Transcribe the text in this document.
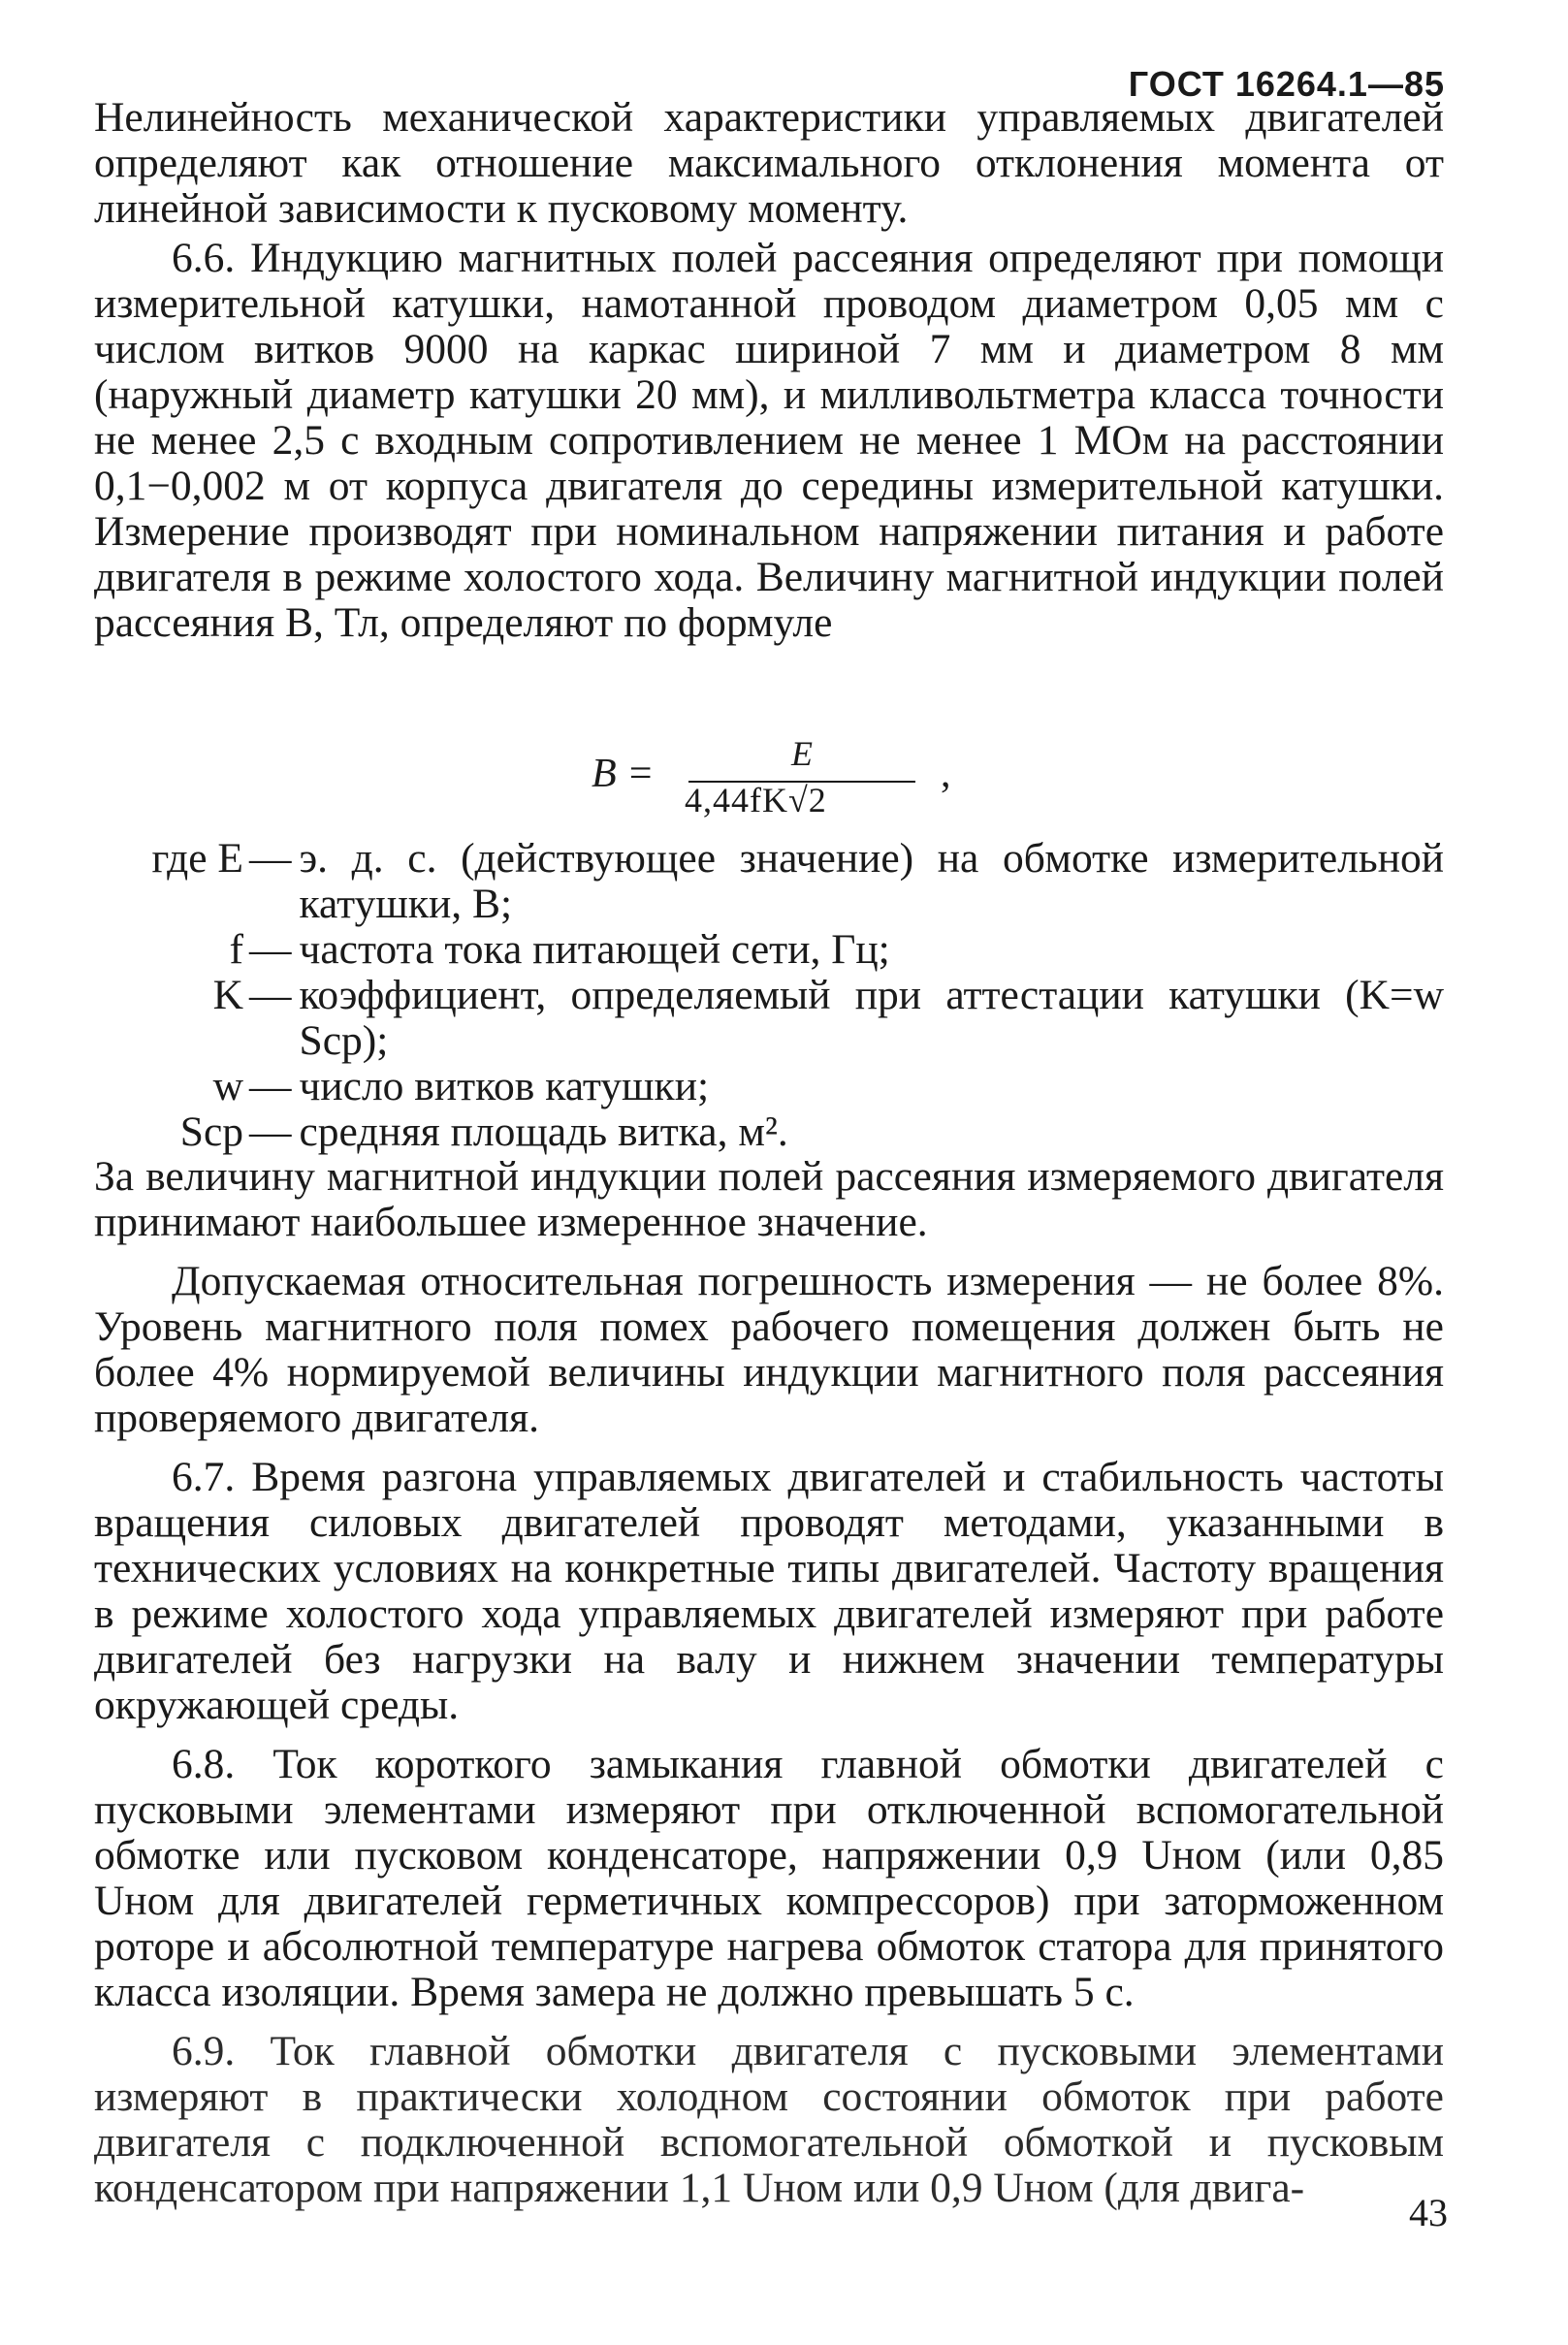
ГОСТ 16264.1—85

Нелинейность механической характеристики управляемых двигателей определяют как отношение максимального отклонения момента от линейной зависимости к пусковому моменту.

6.6. Индукцию магнитных полей рассеяния определяют при помощи измерительной катушки, намотанной проводом диаметром 0,05 мм с числом витков 9000 на каркас шириной 7 мм и диаметром 8 мм (наружный диаметр катушки 20 мм), и милливольтметра класса точности не менее 2,5 с входным сопротивлением не менее 1 МОм на расстоянии 0,1−0,002 м от корпуса двигателя до середины измерительной катушки. Измерение производят при номинальном напряжении питания и работе двигателя в режиме холостого хода. Величину магнитной индукции полей рассеяния B, Тл, определяют по формуле

B =	E
4,44fK√2
,
где E — э. д. с. (действующее значение) на обмотке измерительной катушки, В;
f — частота тока питающей сети, Гц;
K — коэффициент, определяемый при аттестации катушки (K=w Sср);
w — число витков катушки;
Sср — средняя площадь витка, м².

За величину магнитной индукции полей рассеяния измеряемого двигателя принимают наибольшее измеренное значение.

Допускаемая относительная погрешность измерения — не более 8%. Уровень магнитного поля помех рабочего помещения должен быть не более 4% нормируемой величины индукции магнитного поля рассеяния проверяемого двигателя.

6.7. Время разгона управляемых двигателей и стабильность частоты вращения силовых двигателей проводят методами, указанными в технических условиях на конкретные типы двигателей. Частоту вращения в режиме холостого хода управляемых двигателей измеряют при работе двигателей без нагрузки на валу и нижнем значении температуры окружающей среды.

6.8. Ток короткого замыкания главной обмотки двигателей с пусковыми элементами измеряют при отключенной вспомогательной обмотке или пусковом конденсаторе, напряжении 0,9 Uном (или 0,85 Uном для двигателей герметичных компрессоров) при заторможенном роторе и абсолютной температуре нагрева обмоток статора для принятого класса изоляции. Время замера не должно превышать 5 с.

6.9. Ток главной обмотки двигателя с пусковыми элементами измеряют в практически холодном состоянии обмоток при работе двигателя с подключенной вспомогательной обмоткой и пусковым конденсатором при напряжении 1,1 Uном или 0,9 Uном (для двига-

43
